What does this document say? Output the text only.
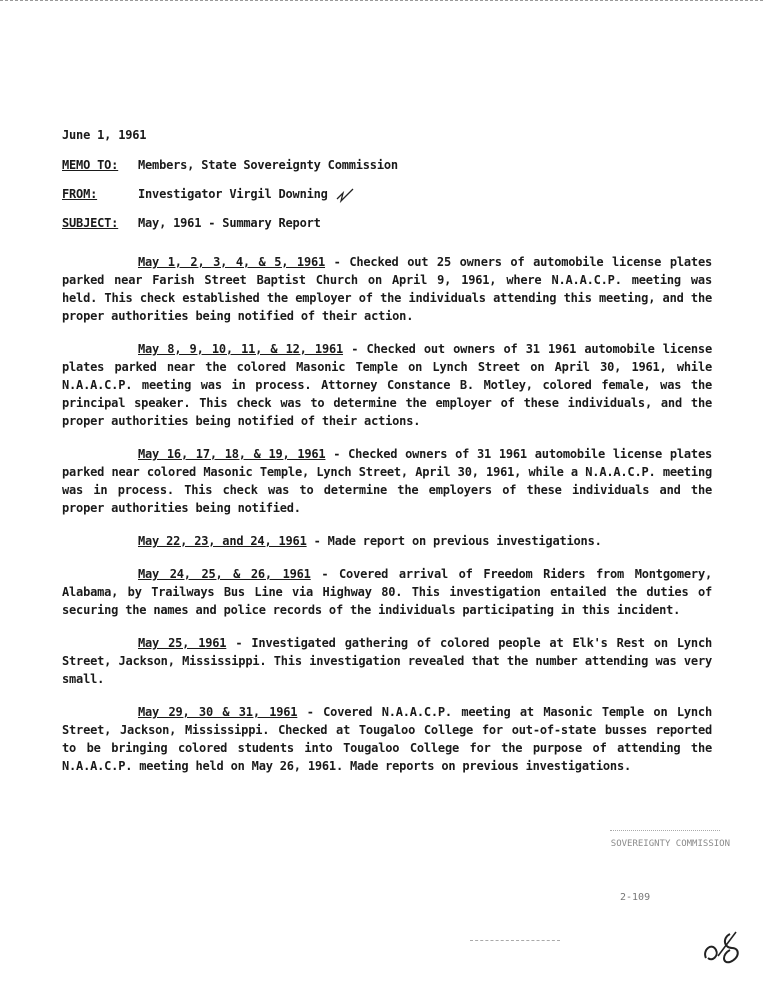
June 1, 1961
MEMO TO:	Members, State Sovereignty Commission
FROM:	Investigator Virgil Downing
SUBJECT:	May, 1961 - Summary Report

May 1, 2, 3, 4, & 5, 1961 - Checked out 25 owners of automobile license plates parked near Farish Street Baptist Church on April 9, 1961, where N.A.A.C.P. meeting was held. This check established the employer of the individuals attending this meeting, and the proper authorities being notified of their action.

May 8, 9, 10, 11, & 12, 1961 - Checked out owners of 31 1961 automobile license plates parked near the colored Masonic Temple on Lynch Street on April 30, 1961, while N.A.A.C.P. meeting was in process. Attorney Constance B. Motley, colored female, was the principal speaker. This check was to determine the employer of these individuals, and the proper authorities being notified of their actions.

May 16, 17, 18, & 19, 1961 - Checked owners of 31 1961 automobile license plates parked near colored Masonic Temple, Lynch Street, April 30, 1961, while a N.A.A.C.P. meeting was in process. This check was to determine the employers of these individuals and the proper authorities being notified.

May 22, 23, and 24, 1961 - Made report on previous investigations.

May 24, 25, & 26, 1961 - Covered arrival of Freedom Riders from Montgomery, Alabama, by Trailways Bus Line via Highway 80. This investigation entailed the duties of securing the names and police records of the individuals participating in this incident.

May 25, 1961 - Investigated gathering of colored people at Elk's Rest on Lynch Street, Jackson, Mississippi. This investigation revealed that the number attending was very small.

May 29, 30 & 31, 1961 - Covered N.A.A.C.P. meeting at Masonic Temple on Lynch Street, Jackson, Mississippi. Checked at Tougaloo College for out-of-state busses reported to be bringing colored students into Tougaloo College for the purpose of attending the N.A.A.C.P. meeting held on May 26, 1961. Made reports on previous investigations.

SOVEREIGNTY COMMISSION
2-109
